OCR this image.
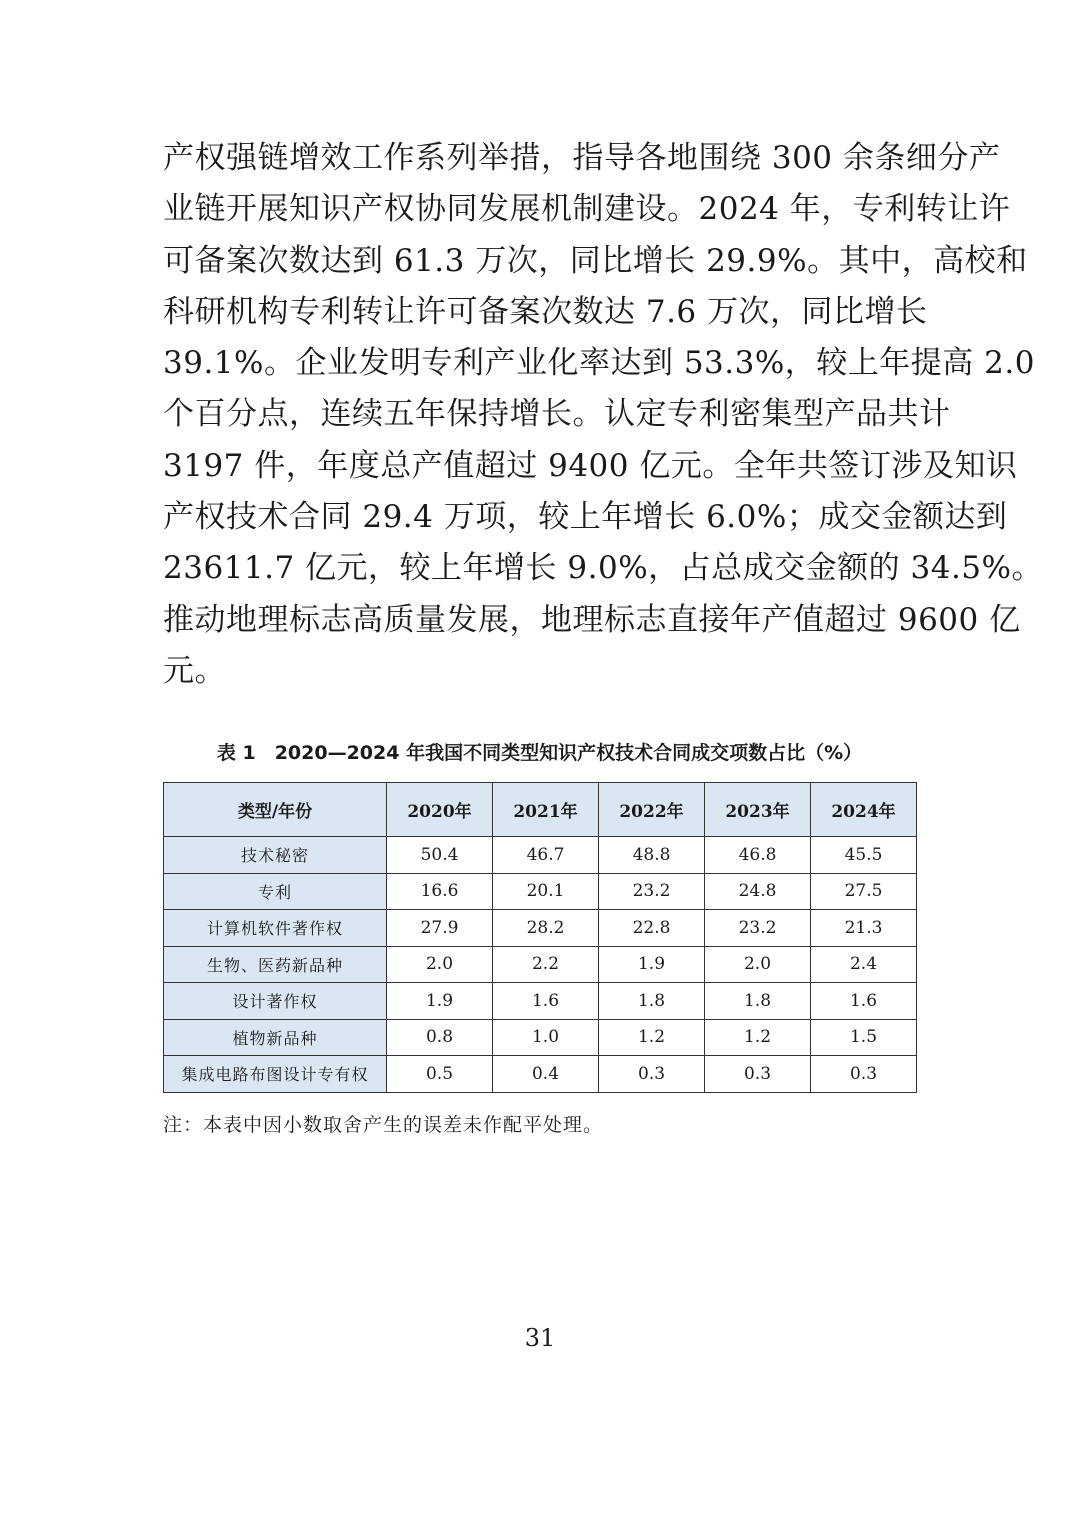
产权强链增效工作系列举措，指导各地围绕 300 余条细分产
业链开展知识产权协同发展机制建设。2024 年，专利转让许
可备案次数达到 61.3 万次，同比增长 29.9%。其中，高校和
科研机构专利转让许可备案次数达 7.6 万次，同比增长
39.1%。企业发明专利产业化率达到 53.3%，较上年提高 2.0
个百分点，连续五年保持增长。认定专利密集型产品共计
3197 件，年度总产值超过 9400 亿元。全年共签订涉及知识
产权技术合同 29.4 万项，较上年增长 6.0%；成交金额达到
23611.7 亿元，较上年增长 9.0%，占总成交金额的 34.5%。
推动地理标志高质量发展，地理标志直接年产值超过 9600 亿
元。
表 1　2020—2024 年我国不同类型知识产权技术合同成交项数占比（%）
类型/年份	2020年	2021年	2022年	2023年	2024年
技术秘密	50.4	46.7	48.8	46.8	45.5
专利	16.6	20.1	23.2	24.8	27.5
计算机软件著作权	27.9	28.2	22.8	23.2	21.3
生物、医药新品种	2.0	2.2	1.9	2.0	2.4
设计著作权	1.9	1.6	1.8	1.8	1.6
植物新品种	0.8	1.0	1.2	1.2	1.5
集成电路布图设计专有权	0.5	0.4	0.3	0.3	0.3
注：本表中因小数取舍产生的误差未作配平处理。
31
